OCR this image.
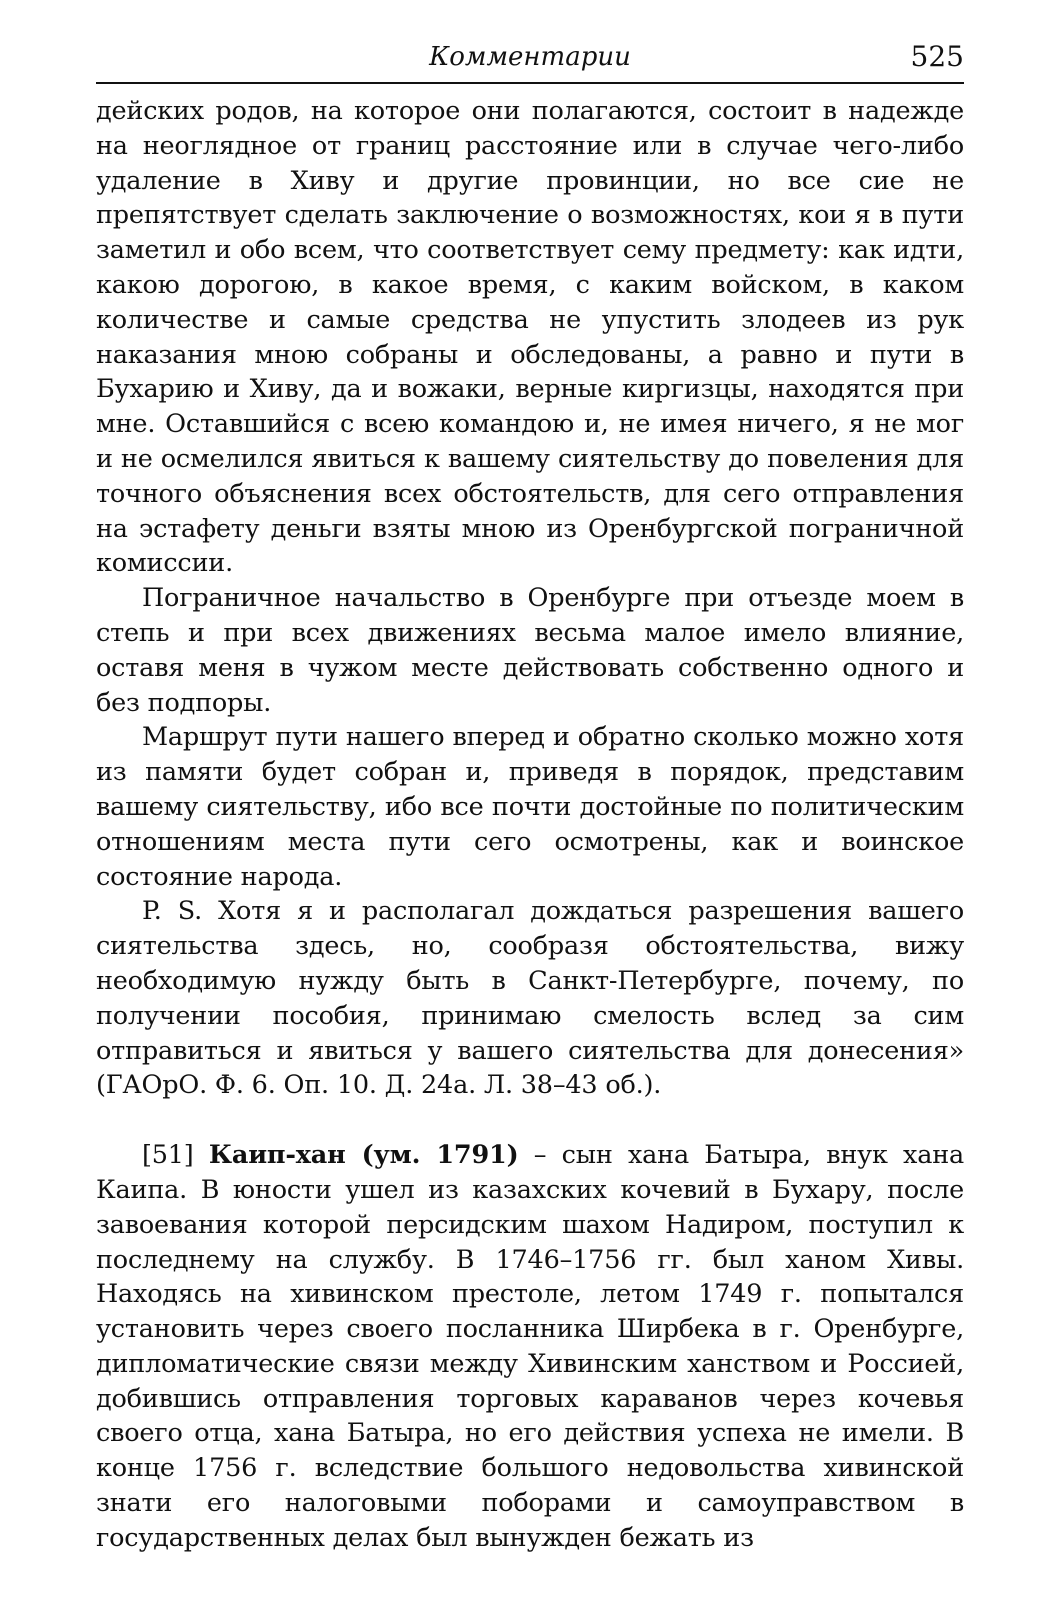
Комментарии	525

дейских родов, на которое они полагаются, состоит в надежде на неоглядное от границ расстояние или в случае чего-либо удаление в Хиву и другие провинции, но все сие не препятствует сделать заключение о возможностях, кои я в пути заметил и обо всем, что соответствует сему предмету: как идти, какою дорогою, в какое время, с каким войском, в каком количестве и самые средства не упустить злодеев из рук наказания мною собраны и обследованы, а равно и пути в Бухарию и Хиву, да и вожаки, верные киргизцы, находятся при мне. Оставшийся с всею командою и, не имея ничего, я не мог и не осмелился явиться к вашему сиятельству до повеления для точного объяснения всех обстоятельств, для сего отправления на эстафету деньги взяты мною из Оренбургской пограничной комиссии.

Пограничное начальство в Оренбурге при отъезде моем в степь и при всех движениях весьма малое имело влияние, оставя меня в чужом месте действовать собственно одного и без подпоры.

Маршрут пути нашего вперед и обратно сколько можно хотя из памяти будет собран и, приведя в порядок, представим вашему сиятельству, ибо все почти достойные по политическим отношениям места пути сего осмотрены, как и воинское состояние народа.

P. S. Хотя я и располагал дождаться разрешения вашего сиятельства здесь, но, сообразя обстоятельства, вижу необходимую нужду быть в Санкт-Петербурге, почему, по получении пособия, принимаю смелость вслед за сим отправиться и явиться у вашего сиятельства для донесения» (ГАОрО. Ф. 6. Оп. 10. Д. 24а. Л. 38–43 об.).

[51] Каип-хан (ум. 1791) – сын хана Батыра, внук хана Каипа. В юности ушел из казахских кочевий в Бухару, после завоевания которой персидским шахом Надиром, поступил к последнему на службу. В 1746–1756 гг. был ханом Хивы. Находясь на хивинском престоле, летом 1749 г. попытался установить через своего посланника Ширбека в г. Оренбурге, дипломатические связи между Хивинским ханством и Россией, добившись отправления торговых караванов через кочевья своего отца, хана Батыра, но его действия успеха не имели. В конце 1756 г. вследствие большого недовольства хивинской знати его налоговыми поборами и самоуправством в государственных делах был вынужден бежать из
